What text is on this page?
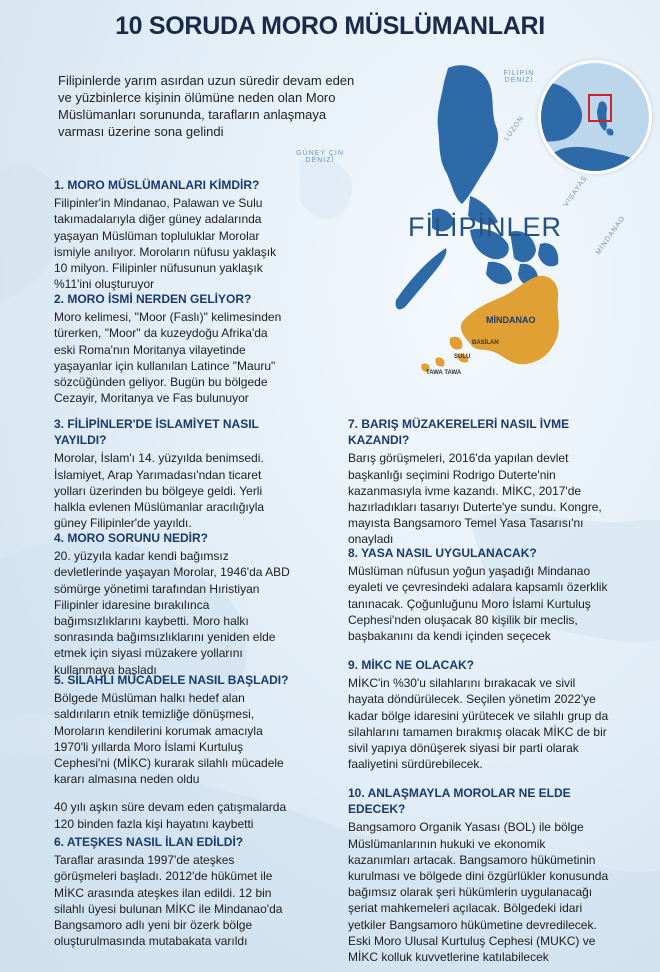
10 SORUDA MORO MÜSLÜMANLARI
Filipinlerde yarım asırdan uzun süredir devam eden ve yüzbinlerce kişinin ölümüne neden olan Moro Müslümanları sorununda, tarafların anlaşmaya varması üzerine sona gelindi
FİLİPİN DENİZİ
GÜNEY ÇİN DENİZİ
LUZON
VİSAYAS
MİNDANAO
FİLİPİNLER
MİNDANAO
BASİLAN
SULU
TAWA TAWA
1. MORO MÜSLÜMANLARI KİMDİR?

Filipinler'in Mindanao, Palawan ve Sulu takımadalarıyla diğer güney adalarında yaşayan Müslüman topluluklar Morolar ismiyle anılıyor. Moroların nüfusu yaklaşık 10 milyon. Filipinler nüfusunun yaklaşık %11'ini oluşturuyor

2. MORO İSMİ NERDEN GELİYOR?

Moro kelimesi, "Moor (Faslı)" kelimesinden türerken, "Moor" da kuzeydoğu Afrika'da eski Roma'nın Moritanya vilayetinde yaşayanlar için kullanılan Latince "Mauru" sözcüğünden geliyor. Bugün bu bölgede Cezayir, Moritanya ve Fas bulunuyor

3. FİLİPİNLER'DE İSLAMİYET NASIL YAYILDI?

Morolar, İslam'ı 14. yüzyılda benimsedi. İslamiyet, Arap Yarımadası'ndan ticaret yolları üzerinden bu bölgeye geldi. Yerli halkla evlenen Müslümanlar aracılığıyla güney Filipinler'de yayıldı.

4. MORO SORUNU NEDİR?

20. yüzyıla kadar kendi bağımsız devletlerinde yaşayan Morolar, 1946'da ABD sömürge yönetimi tarafından Hıristiyan Filipinler idaresine bırakılınca bağımsızlıklarını kaybetti. Moro halkı sonrasında bağımsızlıklarını yeniden elde etmek için siyasi müzakere yollarını kullanmaya başladı

5. SİLAHLI MÜCADELE NASIL BAŞLADI?

Bölgede Müslüman halkı hedef alan saldırıların etnik temizliğe dönüşmesi, Moroların kendilerini korumak amacıyla 1970'li yıllarda Moro İslami Kurtuluş Cephesi'ni (MİKC) kurarak silahlı mücadele kararı almasına neden oldu

40 yılı aşkın süre devam eden çatışmalarda 120 binden fazla kişi hayatını kaybetti

6. ATEŞKES NASIL İLAN EDİLDİ?

Taraflar arasında 1997'de ateşkes görüşmeleri başladı. 2012'de hükümet ile MİKC arasında ateşkes ilan edildi. 12 bin silahlı üyesi bulunan MİKC ile Mindanao'da Bangsamoro adlı yeni bir özerk bölge oluşturulmasında mutabakata varıldı

7. BARIŞ MÜZAKERELERİ NASIL İVME KAZANDI?

Barış görüşmeleri, 2016'da yapılan devlet başkanlığı seçimini Rodrigo Duterte'nin kazanmasıyla ivme kazandı. MİKC, 2017'de hazırladıkları tasarıyı Duterte'ye sundu. Kongre, mayısta Bangsamoro Temel Yasa Tasarısı'nı onayladı

8. YASA NASIL UYGULANACAK?

Müslüman nüfusun yoğun yaşadığı Mindanao eyaleti ve çevresindeki adalara kapsamlı özerklik tanınacak. Çoğunluğunu Moro İslami Kurtuluş Cephesi'nden oluşacak 80 kişilik bir meclis, başbakanını da kendi içinden seçecek

9. MİKC NE OLACAK?

MİKC'in %30'u silahlarını bırakacak ve sivil hayata döndürülecek. Seçilen yönetim 2022'ye kadar bölge idaresini yürütecek ve silahlı grup da silahlarını tamamen bırakmış olacak MİKC de bir sivil yapıya dönüşerek siyasi bir parti olarak faaliyetini sürdürebilecek.

10. ANLAŞMAYLA MOROLAR NE ELDE EDECEK?

Bangsamoro Organik Yasası (BOL) ile bölge Müslümanlarının hukuki ve ekonomik kazanımları artacak. Bangsamoro hükümetinin kurulması ve bölgede dini özgürlükler konusunda bağımsız olarak şeri hükümlerin uygulanacağı şeriat mahkemeleri açılacak. Bölgedeki idari yetkiler Bangsamoro hükümetine devredilecek. Eski Moro Ulusal Kurtuluş Cephesi (MUKC) ve MİKC kolluk kuvvetlerine katılabilecek
